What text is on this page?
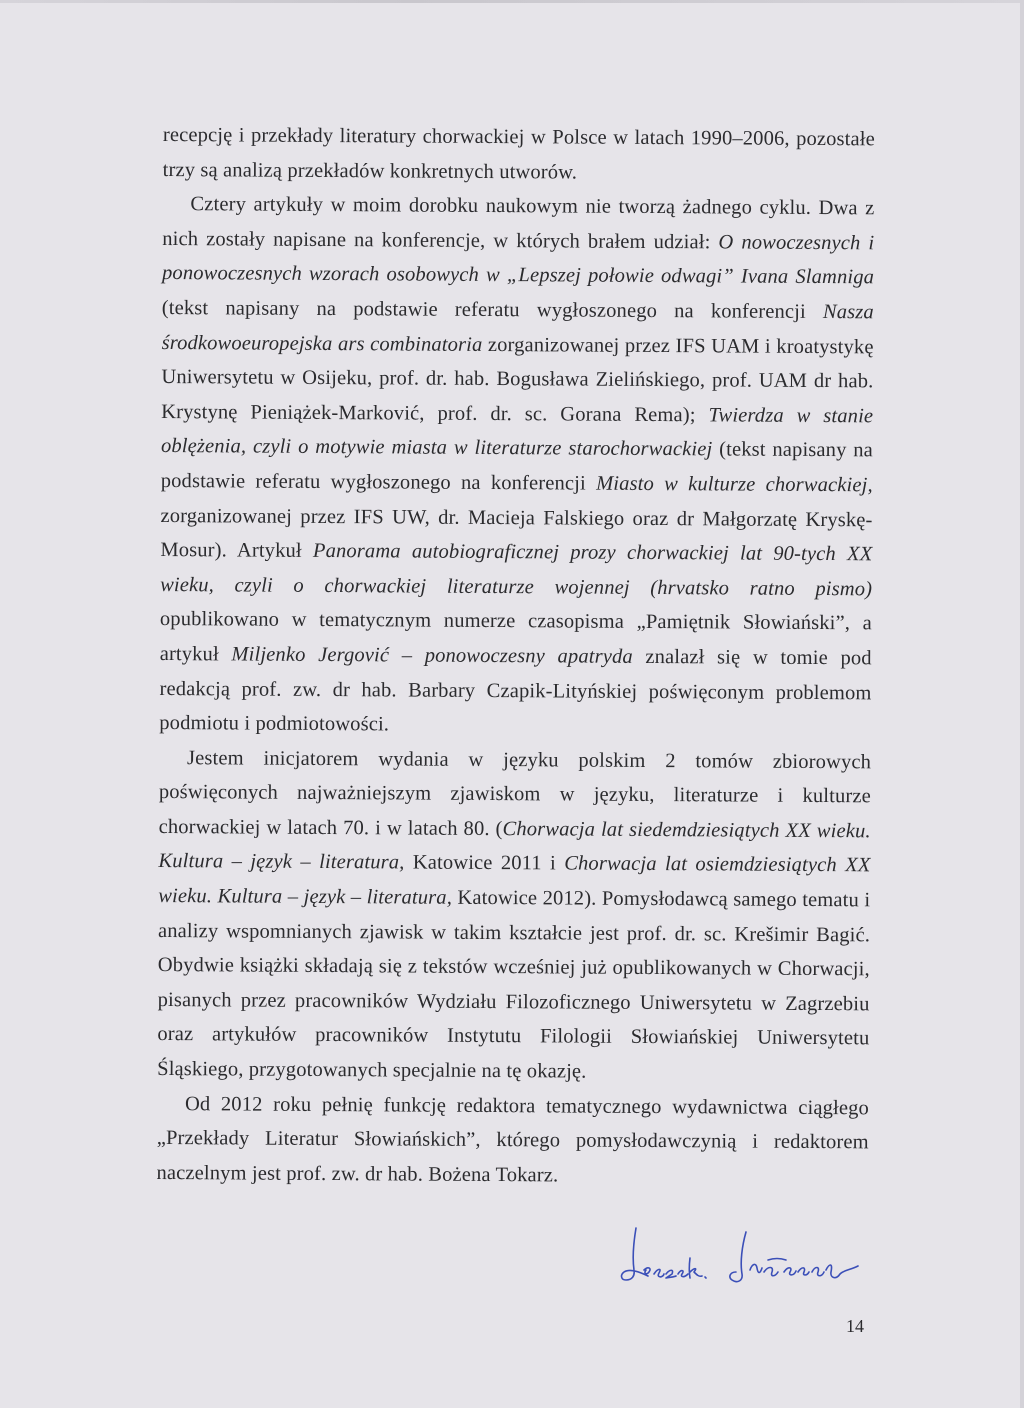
recepcję i przekłady literatury chorwackiej w Polsce w latach 1990–2006, pozostałe trzy są analizą przekładów konkretnych utworów.

Cztery artykuły w moim dorobku naukowym nie tworzą żadnego cyklu. Dwa z nich zostały napisane na konferencje, w których brałem udział: O nowoczesnych i ponowoczesnych wzorach osobowych w „Lepszej połowie odwagi” Ivana Slamniga (tekst napisany na podstawie referatu wygłoszonego na konferencji Nasza środkowoeuropejska ars combinatoria zorganizowanej przez IFS UAM i kroatystykę Uniwersytetu w Osijeku, prof. dr. hab. Bogusława Zielińskiego, prof. UAM dr hab. Krystynę Pieniążek-Marković, prof. dr. sc. Gorana Rema); Twierdza w stanie oblężenia, czyli o motywie miasta w literaturze starochorwackiej (tekst napisany na podstawie referatu wygłoszonego na konferencji Miasto w kulturze chorwackiej, zorganizowanej przez IFS UW, dr. Macieja Falskiego oraz dr Małgorzatę Kryskę-Mosur). Artykuł Panorama autobiograficznej prozy chorwackiej lat 90-tych XX wieku, czyli o chorwackiej literaturze wojennej (hrvatsko ratno pismo) opublikowano w tematycznym numerze czasopisma „Pamiętnik Słowiański”, a artykuł Miljenko Jergović – ponowoczesny apatryda znalazł się w tomie pod redakcją prof. zw. dr hab. Barbary Czapik-Lityńskiej poświęconym problemom podmiotu i podmiotowości.

Jestem inicjatorem wydania w języku polskim 2 tomów zbiorowych poświęconych najważniejszym zjawiskom w języku, literaturze i kulturze chorwackiej w latach 70. i w latach 80. (Chorwacja lat siedemdziesiątych XX wieku. Kultura – język – literatura, Katowice 2011 i Chorwacja lat osiemdziesiątych XX wieku. Kultura – język – literatura, Katowice 2012). Pomysłodawcą samego tematu i analizy wspomnianych zjawisk w takim kształcie jest prof. dr. sc. Krešimir Bagić. Obydwie książki składają się z tekstów wcześniej już opublikowanych w Chorwacji, pisanych przez pracowników Wydziału Filozoficznego Uniwersytetu w Zagrzebiu oraz artykułów pracowników Instytutu Filologii Słowiańskiej Uniwersytetu Śląskiego, przygotowanych specjalnie na tę okazję.

Od 2012 roku pełnię funkcję redaktora tematycznego wydawnictwa ciągłego „Przekłady Literatur Słowiańskich”, którego pomysłodawczynią i redaktorem naczelnym jest prof. zw. dr hab. Bożena Tokarz.

14
